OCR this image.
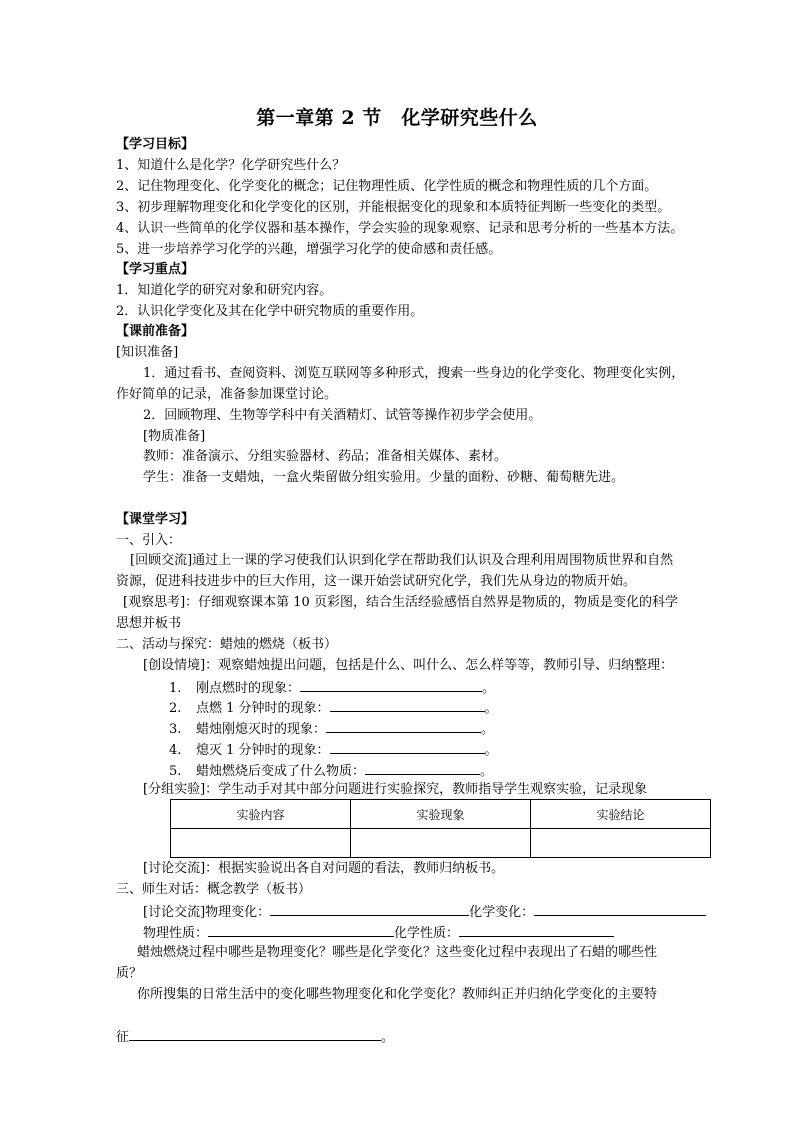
第一章第 2 节　化学研究些什么
【学习目标】
1、知道什么是化学？化学研究些什么？
2、记住物理变化、化学变化的概念；记住物理性质、化学性质的概念和物理性质的几个方面。
3、初步理解物理变化和化学变化的区别，并能根据变化的现象和本质特征判断一些变化的类型。
4、认识一些简单的化学仪器和基本操作，学会实验的现象观察、记录和思考分析的一些基本方法。
5、进一步培养学习化学的兴趣，增强学习化学的使命感和责任感。
【学习重点】
1．知道化学的研究对象和研究内容。
2．认识化学变化及其在化学中研究物质的重要作用。
【课前准备】
[知识准备]
1．通过看书、查阅资料、浏览互联网等多种形式，搜索一些身边的化学变化、物理变化实例，
作好简单的记录，准备参加课堂讨论。
2．回顾物理、生物等学科中有关酒精灯、试管等操作初步学会使用。
[物质准备]
教师：准备演示、分组实验器材、药品；准备相关媒体、素材。
学生：准备一支蜡烛，一盒火柴留做分组实验用。少量的面粉、砂糖、葡萄糖先进。
【课堂学习】
一、引入：
[回顾交流]通过上一课的学习使我们认识到化学在帮助我们认识及合理利用周围物质世界和自然
资源，促进科技进步中的巨大作用，这一课开始尝试研究化学，我们先从身边的物质开始。
[观察思考]：仔细观察课本第 10 页彩图，结合生活经验感悟自然界是物质的，物质是变化的科学
思想并板书
二、活动与探究：蜡烛的燃烧（板书）
[创设情境]：观察蜡烛提出问题，包括是什么、叫什么、怎么样等等，教师引导、归纳整理：
1. 刚点燃时的现象：	。
2. 点燃 1 分钟时的现象：	。
3. 蜡烛刚熄灭时的现象：	。
4. 熄灭 1 分钟时的现象：	。
5. 蜡烛燃烧后变成了什么物质：	。
[分组实验]：学生动手对其中部分问题进行实验探究，教师指导学生观察实验，记录现象
实验内容	实验现象	实验结论

[讨论交流]：根据实验说出各自对问题的看法，教师归纳板书。
三、师生对话：概念教学（板书）
[讨论交流]物理变化：	化学变化：
物理性质：	化学性质：
蜡烛燃烧过程中哪些是物理变化？哪些是化学变化？这些变化过程中表现出了石蜡的哪些性
质？
你所搜集的日常生活中的变化哪些物理变化和化学变化？教师纠正并归纳化学变化的主要特
征	。
